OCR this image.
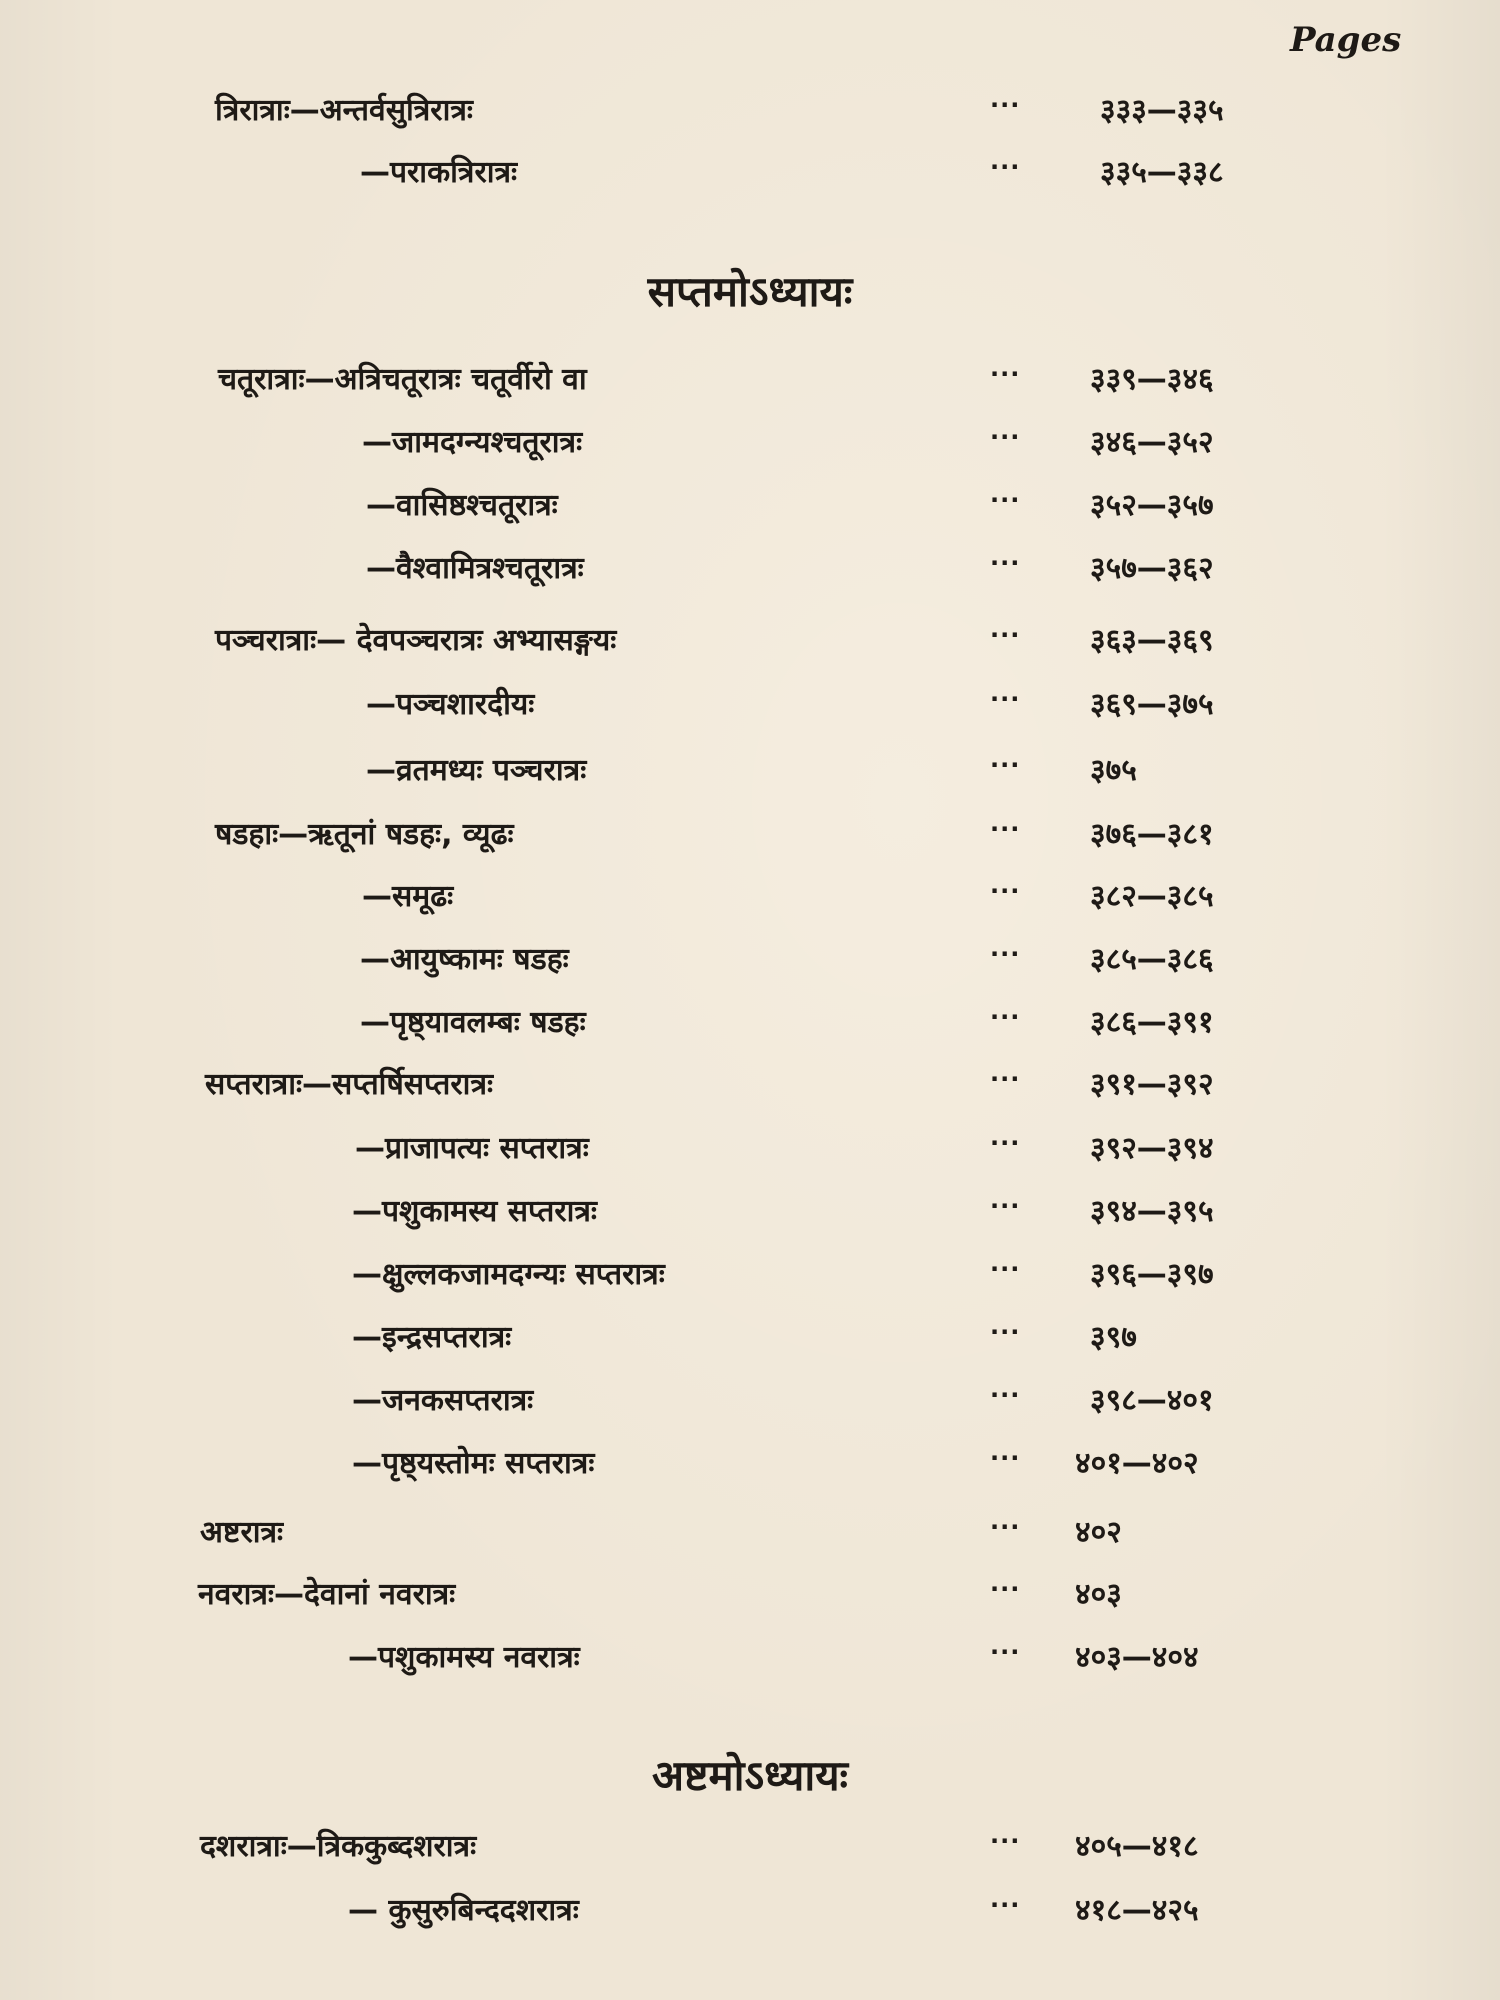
Pages
त्रिरात्राः—अन्तर्वसुत्रिरात्रः	···	३३३—३३५
—पराकत्रिरात्रः	···	३३५—३३८
सप्तमोऽध्यायः
चतूरात्राः—अत्रिचतूरात्रः चतूर्वीरो वा	··· ३३९—३४६
—जामदग्न्यश्चतूरात्रः	··· ३४६—३५२
—वासिष्ठश्चतूरात्रः	··· ३५२—३५७
—वैश्वामित्रश्चतूरात्रः	··· ३५७—३६२
पञ्चरात्राः— देवपञ्चरात्रः अभ्यासङ्गयः	··· ३६३—३६९
—पञ्चशारदीयः	··· ३६९—३७५
—व्रतमध्यः पञ्चरात्रः	··· ३७५
षडहाः—ऋतूनां षडहः, व्यूढः	··· ३७६—३८१
—समूढः	··· ३८२—३८५
—आयुष्कामः षडहः	··· ३८५—३८६
—पृष्ठ्यावलम्बः षडहः	··· ३८६—३९१
सप्तरात्राः—सप्तर्षिसप्तरात्रः	··· ३९१—३९२
—प्राजापत्यः सप्तरात्रः	··· ३९२—३९४
—पशुकामस्य सप्तरात्रः	··· ३९४—३९५
—क्षुल्लकजामदग्न्यः सप्तरात्रः	··· ३९६—३९७
—इन्द्रसप्तरात्रः	··· ३९७
—जनकसप्तरात्रः	··· ३९८—४०१
—पृष्ठ्यस्तोमः सप्तरात्रः	··· ४०१—४०२
अष्टरात्रः	··· ४०२
नवरात्रः—देवानां नवरात्रः	··· ४०३
—पशुकामस्य नवरात्रः	··· ४०३—४०४
अष्टमोऽध्यायः
दशरात्राः—त्रिककुब्दशरात्रः	··· ४०५—४१८
— कुसुरुबिन्ददशरात्रः	··· ४१८—४२५
